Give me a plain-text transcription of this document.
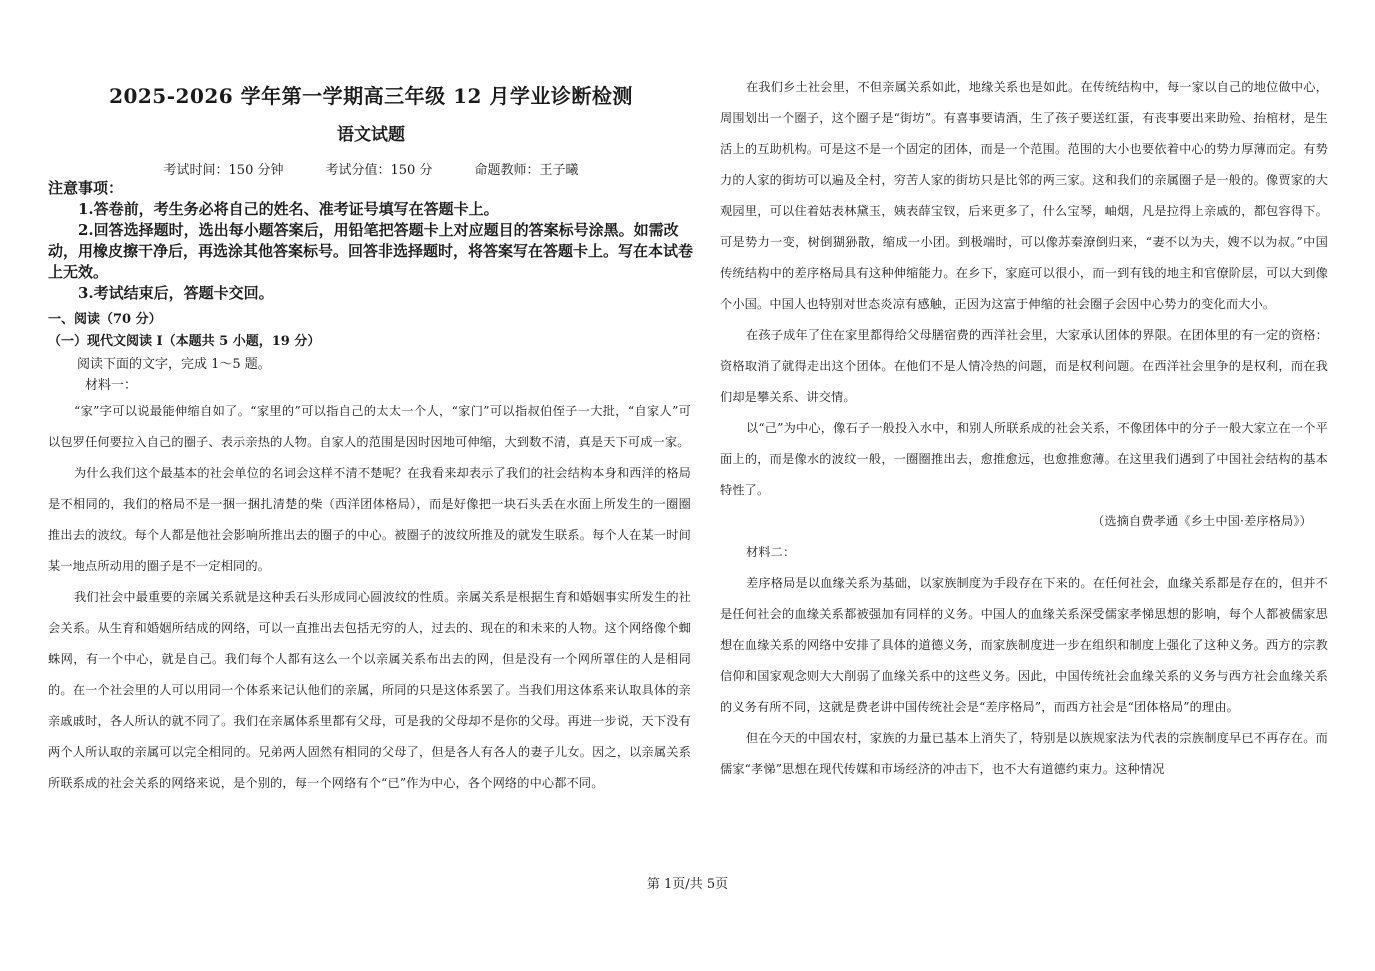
2025-2026 学年第一学期高三年级 12 月学业诊断检测
语文试题
考试时间：150 分钟	考试分值：150 分	命题教师：王子曦

注意事项：

1.答卷前，考生务必将自己的姓名、准考证号填写在答题卡上。

2.回答选择题时，选出每小题答案后，用铅笔把答题卡上对应题目的答案标号涂黑。如需改动，用橡皮擦干净后，再选涂其他答案标号。回答非选择题时，将答案写在答题卡上。写在本试卷上无效。

3.考试结束后，答题卡交回。

一、阅读（70 分）

（一）现代文阅读 I（本题共 5 小题，19 分）

阅读下面的文字，完成 1～5 题。

材料一：

“家”字可以说最能伸缩自如了。“家里的”可以指自己的太太一个人，“家门”可以指叔伯侄子一大批，“自家人”可以包罗任何要拉入自己的圈子、表示亲热的人物。自家人的范围是因时因地可伸缩，大到数不清，真是天下可成一家。

为什么我们这个最基本的社会单位的名词会这样不清不楚呢？在我看来却表示了我们的社会结构本身和西洋的格局是不相同的，我们的格局不是一捆一捆扎清楚的柴（西洋团体格局），而是好像把一块石头丢在水面上所发生的一圈圈推出去的波纹。每个人都是他社会影响所推出去的圈子的中心。被圈子的波纹所推及的就发生联系。每个人在某一时间某一地点所动用的圈子是不一定相同的。

我们社会中最重要的亲属关系就是这种丢石头形成同心圆波纹的性质。亲属关系是根据生育和婚姻事实所发生的社会关系。从生育和婚姻所结成的网络，可以一直推出去包括无穷的人，过去的、现在的和未来的人物。这个网络像个蜘蛛网，有一个中心，就是自己。我们每个人都有这么一个以亲属关系布出去的网，但是没有一个网所罩住的人是相同的。在一个社会里的人可以用同一个体系来记认他们的亲属，所同的只是这体系罢了。当我们用这体系来认取具体的亲亲戚戚时，各人所认的就不同了。我们在亲属体系里都有父母，可是我的父母却不是你的父母。再进一步说，天下没有两个人所认取的亲属可以完全相同的。兄弟两人固然有相同的父母了，但是各人有各人的妻子儿女。因之，以亲属关系所联系成的社会关系的网络来说，是个别的，每一个网络有个“已”作为中心，各个网络的中心都不同。

在我们乡土社会里，不但亲属关系如此，地缘关系也是如此。在传统结构中，每一家以自己的地位做中心，周围划出一个圈子，这个圈子是“街坊”。有喜事要请酒，生了孩子要送红蛋，有丧事要出来助殓、抬棺材，是生活上的互助机构。可是这不是一个固定的团体，而是一个范围。范围的大小也要依着中心的势力厚薄而定。有势力的人家的街坊可以遍及全村，穷苦人家的街坊只是比邻的两三家。这和我们的亲属圈子是一般的。像贾家的大观园里，可以住着姑表林黛玉，姨表薛宝钗，后来更多了，什么宝琴，岫烟，凡是拉得上亲戚的，都包容得下。可是势力一变，树倒猢狲散，缩成一小团。到极端时，可以像苏秦潦倒归来，“妻不以为夫，嫂不以为叔。”中国传统结构中的差序格局具有这种伸缩能力。在乡下，家庭可以很小，而一到有钱的地主和官僚阶层，可以大到像个小国。中国人也特别对世态炎凉有感触，正因为这富于伸缩的社会圈子会因中心势力的变化而大小。

在孩子成年了住在家里都得给父母膳宿费的西洋社会里，大家承认团体的界限。在团体里的有一定的资格：资格取消了就得走出这个团体。在他们不是人情冷热的问题，而是权利问题。在西洋社会里争的是权利，而在我们却是攀关系、讲交情。

以“己”为中心，像石子一般投入水中，和别人所联系成的社会关系，不像团体中的分子一般大家立在一个平面上的，而是像水的波纹一般，一圈圈推出去，愈推愈远，也愈推愈薄。在这里我们遇到了中国社会结构的基本特性了。

（选摘自费孝通《乡土中国·差序格局》）

材料二：

差序格局是以血缘关系为基础，以家族制度为手段存在下来的。在任何社会，血缘关系都是存在的，但并不是任何社会的血缘关系都被强加有同样的义务。中国人的血缘关系深受儒家孝悌思想的影响，每个人都被儒家思想在血缘关系的网络中安排了具体的道德义务，而家族制度进一步在组织和制度上强化了这种义务。西方的宗教信仰和国家观念则大大削弱了血缘关系中的这些义务。因此，中国传统社会血缘关系的义务与西方社会血缘关系的义务有所不同，这就是费老讲中国传统社会是“差序格局”，而西方社会是“团体格局”的理由。

但在今天的中国农村，家族的力量已基本上消失了，特别是以族规家法为代表的宗族制度早已不再存在。而儒家“孝悌”思想在现代传媒和市场经济的冲击下，也不大有道德约束力。这种情况

第 1页/共 5页
